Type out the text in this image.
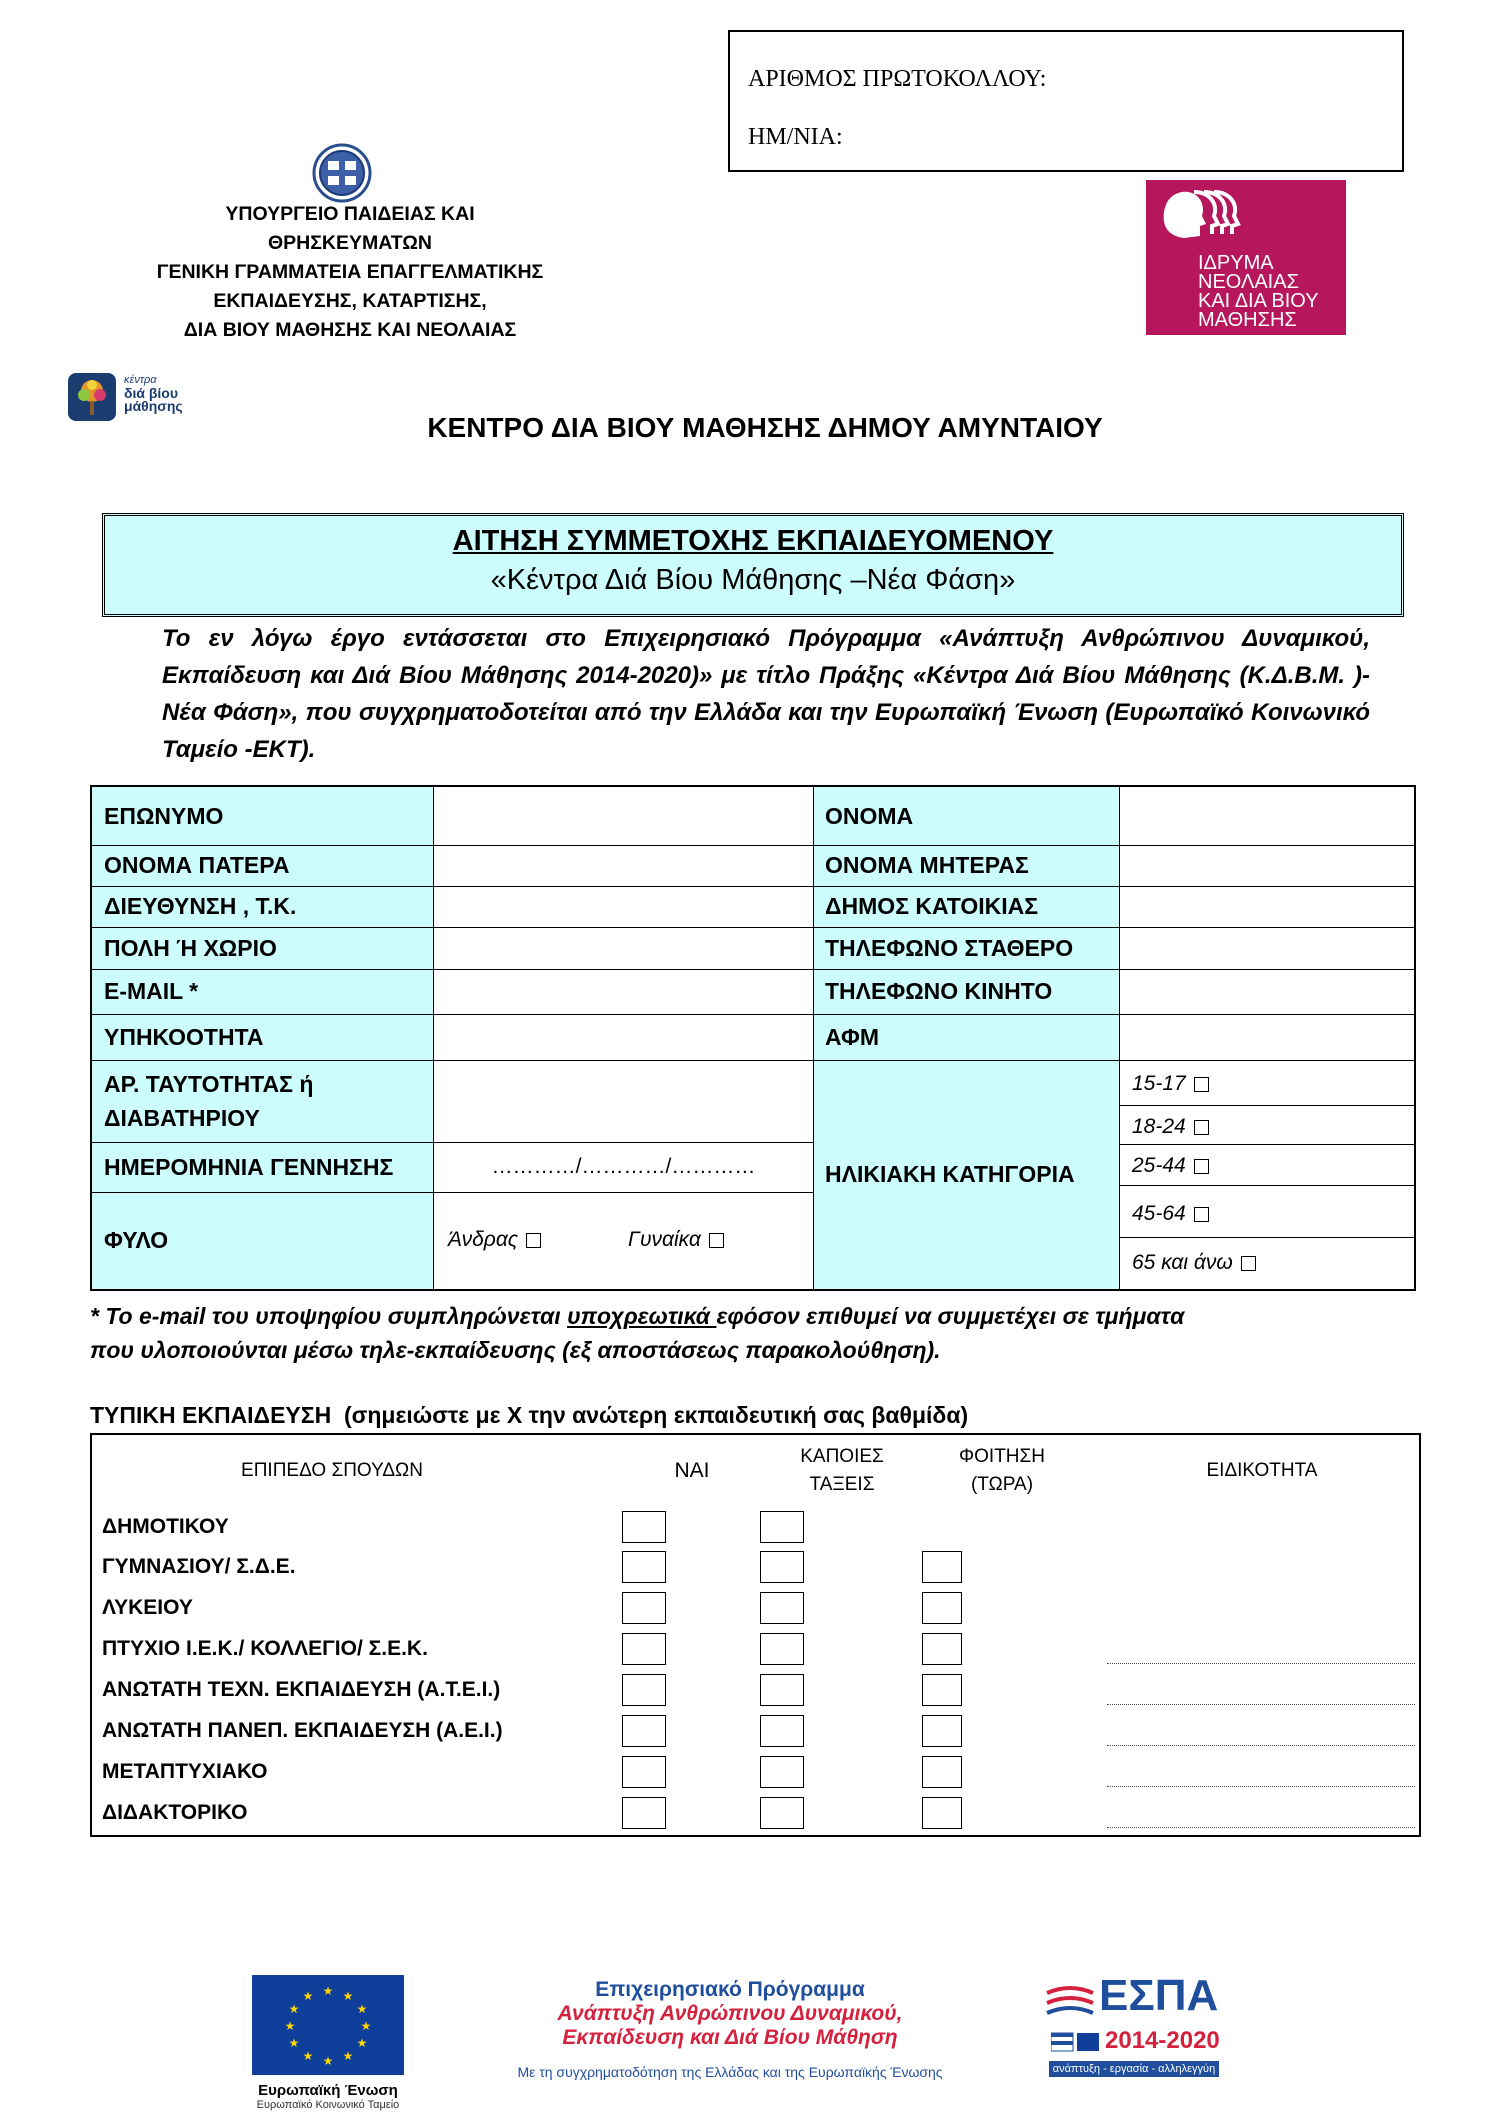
ΑΡΙΘΜΟΣ ΠΡΩΤΟΚΟΛΛΟΥ:
ΗΜ/ΝΙΑ:
ΥΠΟΥΡΓΕΙΟ ΠΑΙΔΕΙΑΣ ΚΑΙ
ΘΡΗΣΚΕΥΜΑΤΩΝ
ΓΕΝΙΚΗ ΓΡΑΜΜΑΤΕΙΑ ΕΠΑΓΓΕΛΜΑΤΙΚΗΣ
ΕΚΠΑΙΔΕΥΣΗΣ, ΚΑΤΑΡΤΙΣΗΣ,
ΔΙΑ ΒΙΟΥ ΜΑΘΗΣΗΣ ΚΑΙ ΝΕΟΛΑΙΑΣ
ΙΔΡΥΜΑ
ΝΕΟΛΑΙΑΣ
ΚΑΙ ΔΙΑ ΒΙΟΥ
ΜΑΘΗΣΗΣ
κέντρα
διά βίου
μάθησης
ΚΕΝΤΡΟ ΔΙΑ ΒΙΟΥ ΜΑΘΗΣΗΣ ΔΗΜΟΥ ΑΜΥΝΤΑΙΟΥ
ΑΙΤΗΣΗ ΣΥΜΜΕΤΟΧΗΣ ΕΚΠΑΙΔΕΥΟΜΕΝΟΥ
«Κέντρα Διά Βίου Μάθησης –Νέα Φάση»
Το εν λόγω έργο εντάσσεται στο Επιχειρησιακό Πρόγραμμα «Ανάπτυξη Ανθρώπινου Δυναμικού, Εκπαίδευση και Διά Βίου Μάθησης 2014-2020)» με τίτλο Πράξης «Κέντρα Διά Βίου Μάθησης (Κ.Δ.Β.Μ. )- Νέα Φάση», που συγχρηματοδοτείται από την Ελλάδα και την Ευρωπαϊκή Ένωση (Ευρωπαϊκό Κοινωνικό Ταμείο -ΕΚΤ).
ΕΠΩΝΥΜΟ
ΟΝΟΜΑ ΠΑΤΕΡΑ
ΔΙΕΥΘΥΝΣΗ , Τ.Κ.
ΠΟΛΗ Ή ΧΩΡΙΟ
E-MAIL *
ΥΠΗΚΟΟΤΗΤΑ
ΑΡ. ΤΑΥΤΟΤΗΤΑΣ ή
ΔΙΑΒΑΤΗΡΙΟΥ
ΗΜΕΡΟΜΗΝΙΑ ΓΕΝΝΗΣΗΣ
ΦΥΛΟ
…………/…………/…………
Άνδρας	Γυναίκα
ΟΝΟΜΑ
ΟΝΟΜΑ ΜΗΤΕΡΑΣ
ΔΗΜΟΣ ΚΑΤΟΙΚΙΑΣ
ΤΗΛΕΦΩΝΟ ΣΤΑΘΕΡΟ
ΤΗΛΕΦΩΝΟ ΚΙΝΗΤΟ
ΑΦΜ
ΗΛΙΚΙΑΚΗ ΚΑΤΗΓΟΡΙΑ
15-17
18-24
25-44
45-64
65 και άνω
* Το e-mail του υποψηφίου συμπληρώνεται υποχρεωτικά εφόσον επιθυμεί να συμμετέχει σε τμήματα
που υλοποιούνται μέσω τηλε-εκπαίδευσης (εξ αποστάσεως παρακολούθηση).
ΤΥΠΙΚΗ ΕΚΠΑΙΔΕΥΣΗ (σημειώστε με Χ την ανώτερη εκπαιδευτική σας βαθμίδα)
ΕΠΙΠΕΔΟ ΣΠΟΥΔΩΝ	ΝΑΙ
ΚΑΠΟΙΕΣ
ΤΑΞΕΙΣ
ΦΟΙΤΗΣΗ
(ΤΩΡΑ)
ΕΙΔΙΚΟΤΗΤΑ
ΔΗΜΟΤΙΚΟΥ
ΓΥΜΝΑΣΙΟΥ/ Σ.Δ.Ε.
ΛΥΚΕΙΟΥ
ΠΤΥΧΙΟ Ι.Ε.Κ./ ΚΟΛΛΕΓΙΟ/ Σ.Ε.Κ.
ΑΝΩΤΑΤΗ ΤΕΧΝ. ΕΚΠΑΙΔΕΥΣΗ (Α.Τ.Ε.Ι.)
ΑΝΩΤΑΤΗ ΠΑΝΕΠ. ΕΚΠΑΙΔΕΥΣΗ (Α.Ε.Ι.)
ΜΕΤΑΠΤΥΧΙΑΚΟ
ΔΙΔΑΚΤΟΡΙΚΟ
★ ★
★
★
★
★
★
★
★
★
★
★
Ευρωπαϊκή Ένωση
Ευρωπαϊκό Κοινωνικό Ταμείο
Επιχειρησιακό Πρόγραμμα
Ανάπτυξη Ανθρώπινου Δυναμικού,
Εκπαίδευση και Διά Βίου Μάθηση
Με τη συγχρηματοδότηση της Ελλάδας και της Ευρωπαϊκής Ένωσης
ΕΣΠΑ
2014-2020
ανάπτυξη - εργασία - αλληλεγγύη
